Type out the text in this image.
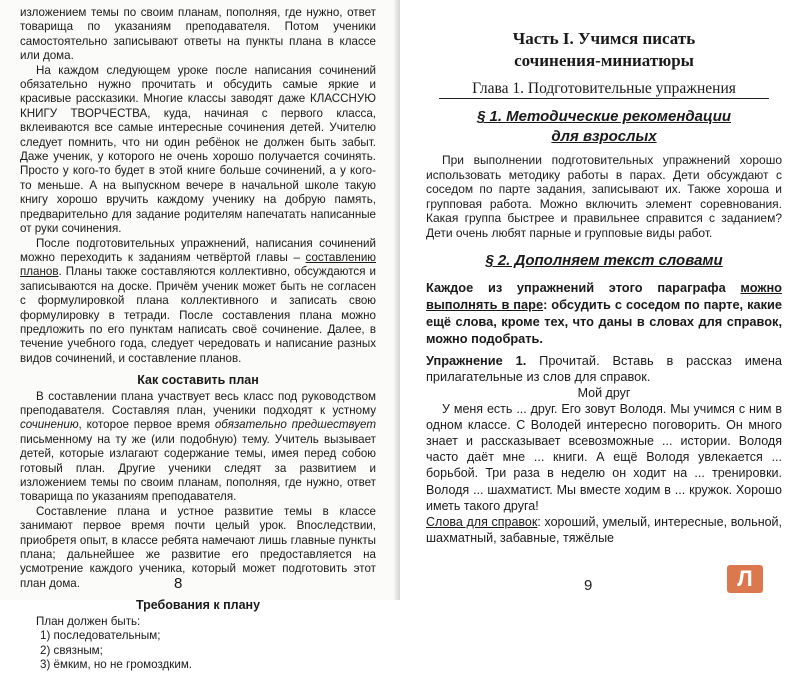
изложением темы по своим планам, пополняя, где нужно, ответ товарища по указаниям преподавателя. Потом ученики самостоятельно записывают ответы на пункты плана в классе или дома.

На каждом следующем уроке после написания сочинений обязательно нужно прочитать и обсудить самые яркие и красивые рассказики. Многие классы заводят даже КЛАССНУЮ КНИГУ ТВОРЧЕСТВА, куда, начиная с первого класса, вклеиваются все самые интересные сочинения детей. Учителю следует помнить, что ни один ребёнок не должен быть забыт. Даже ученик, у которого не очень хорошо получается сочинять. Просто у кого-то будет в этой книге больше сочинений, а у кого-то меньше. А на выпускном вечере в начальной школе такую книгу хорошо вручить каждому ученику на добрую память, предварительно для задание родителям напечатать написанные от руки сочинения.

После подготовительных упражнений, написания сочинений можно переходить к заданиям четвёртой главы – составлению планов. Планы также составляются коллективно, обсуждаются и записываются на доске. Причём ученик может быть не согласен с формулировкой плана коллективного и записать свою формулировку в тетради. После составления плана можно предложить по его пунктам написать своё сочинение. Далее, в течение учебного года, следует чередовать и написание разных видов сочинений, и составление планов.

Как составить план

В составлении плана участвует весь класс под руководством преподавателя. Составляя план, ученики подходят к устному сочинению, которое первое время обязательно предшествует письменному на ту же (или подобную) тему. Учитель вызывает детей, которые излагают содержание темы, имея перед собою готовый план. Другие ученики следят за развитием и изложением темы по своим планам, пополняя, где нужно, ответ товарища по указаниям преподавателя.

Составление плана и устное развитие темы в классе занимают первое время почти целый урок. Впоследствии, приобретя опыт, в классе ребята намечают лишь главные пункты плана; дальнейшее же развитие его предоставляется на усмотрение каждого ученика, который может подготовить этот план дома.

Требования к плану

План должен быть:

1) последовательным;
2) связным;
3) ёмким, но не громоздким.
8
Часть I. Учимся писать
сочинения-миниатюры
Глава 1. Подготовительные упражнения
§ 1. Методические рекомендации
для взрослых

При выполнении подготовительных упражнений хорошо использовать методику работы в парах. Дети обсуждают с соседом по парте задания, записывают их. Также хороша и групповая работа. Можно включить элемент соревнования. Какая группа быстрее и правильнее справится с заданием? Дети очень любят парные и групповые виды работ.

§ 2. Дополняем текст словами
Каждое из упражнений этого параграфа можно выполнять в паре: обсудить с соседом по парте, какие ещё слова, кроме тех, что даны в словах для справок, можно подобрать.
Упражнение 1. Прочитай. Вставь в рассказ имена прилагательные из слов для справок.
Мой друг

У меня есть ... друг. Его зовут Володя. Мы учимся с ним в одном классе. С Володей интересно поговорить. Он много знает и рассказывает всевозможные ... истории. Володя часто даёт мне ... книги. А ещё Володя увлекается ... борьбой. Три раза в неделю он ходит на ... тренировки. Володя ... шахматист. Мы вместе ходим в ... кружок. Хорошо иметь такого друга!

Слова для справок: хороший, умелый, интересные, вольной, шахматный, забавные, тяжёлые
9	Л
